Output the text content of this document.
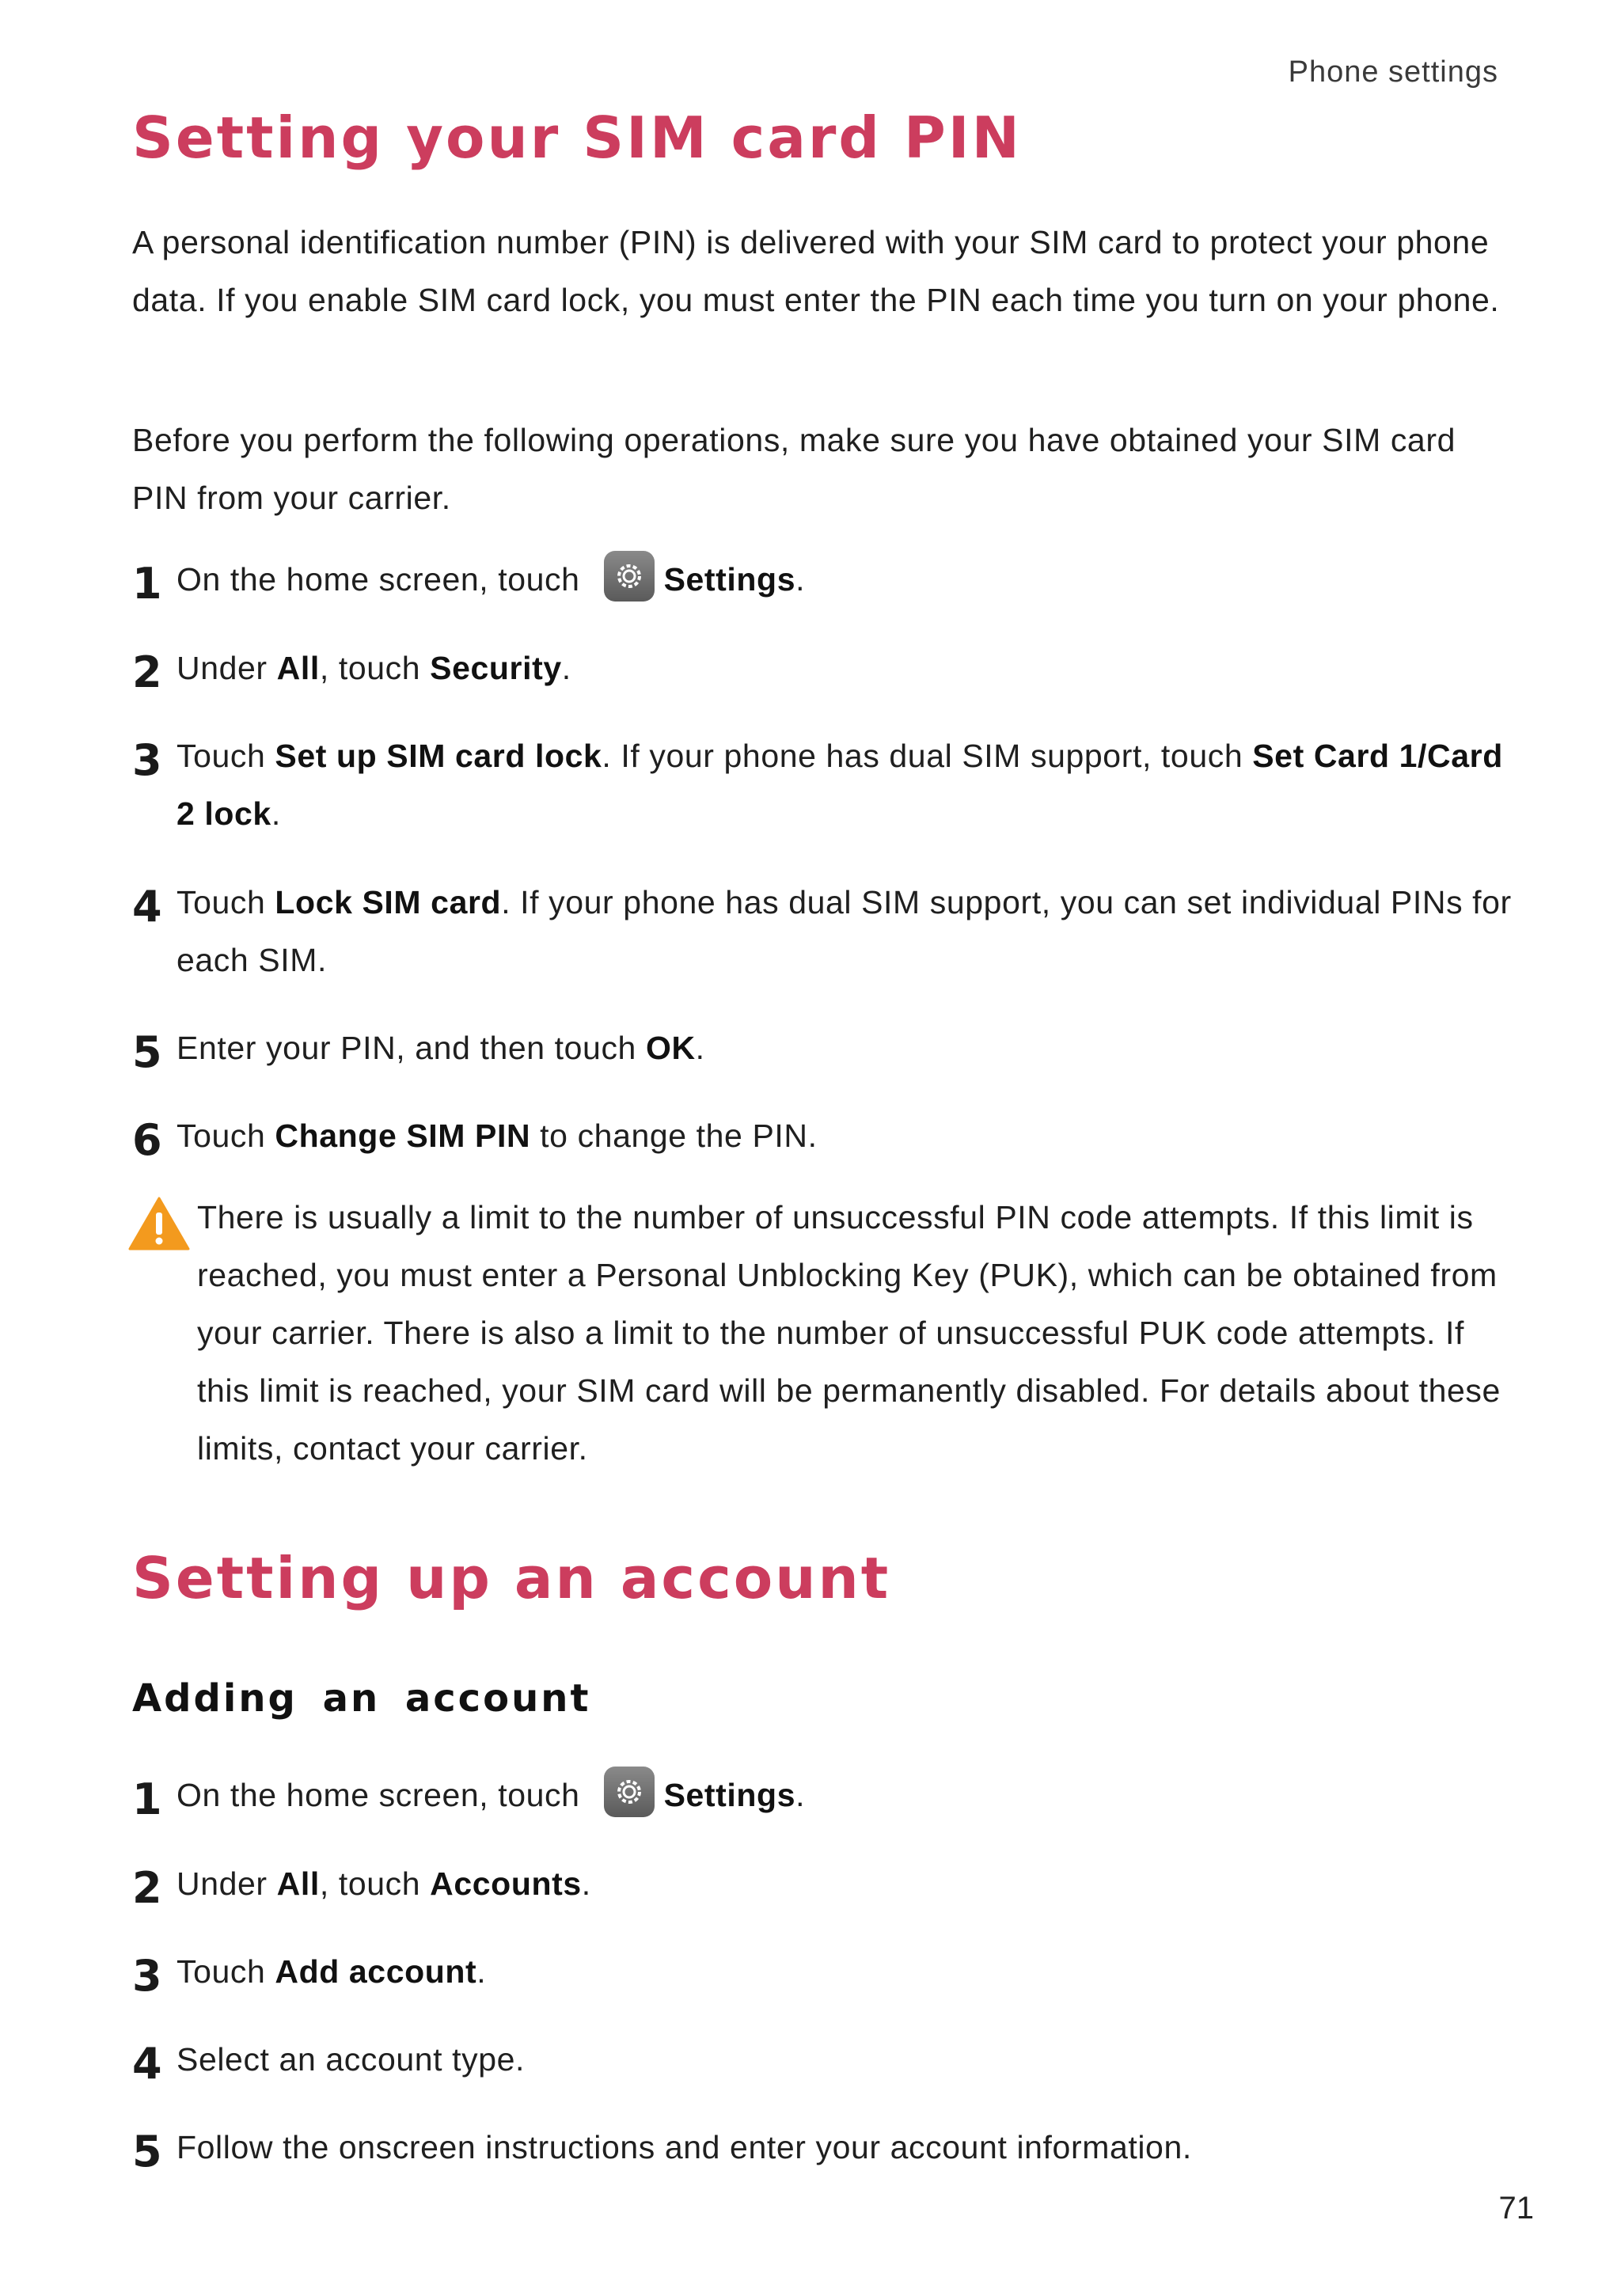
Phone settings
Setting your SIM card PIN

A personal identification number (PIN) is delivered with your SIM card to protect your phone data. If you enable SIM card lock, you must enter the PIN each time you turn on your phone.

Before you perform the following operations, make sure you have obtained your SIM card PIN from your carrier.

1 On the home screen, touch
Settings.
2 Under All, touch Security.
3 Touch Set up SIM card lock. If your phone has dual SIM support, touch Set Card 1/Card 2 lock.
4 Touch Lock SIM card. If your phone has dual SIM support, you can set individual PINs for each SIM.
5 Enter your PIN, and then touch OK.
6 Touch Change SIM PIN to change the PIN.

There is usually a limit to the number of unsuccessful PIN code attempts. If this limit is reached, you must enter a Personal Unblocking Key (PUK), which can be obtained from your carrier. There is also a limit to the number of unsuccessful PUK code attempts. If this limit is reached, your SIM card will be permanently disabled. For details about these limits, contact your carrier.

Setting up an account
Adding an account
1 On the home screen, touch
Settings.
2 Under All, touch Accounts.
3 Touch Add account.
4 Select an account type.
5 Follow the onscreen instructions and enter your account information.
71
